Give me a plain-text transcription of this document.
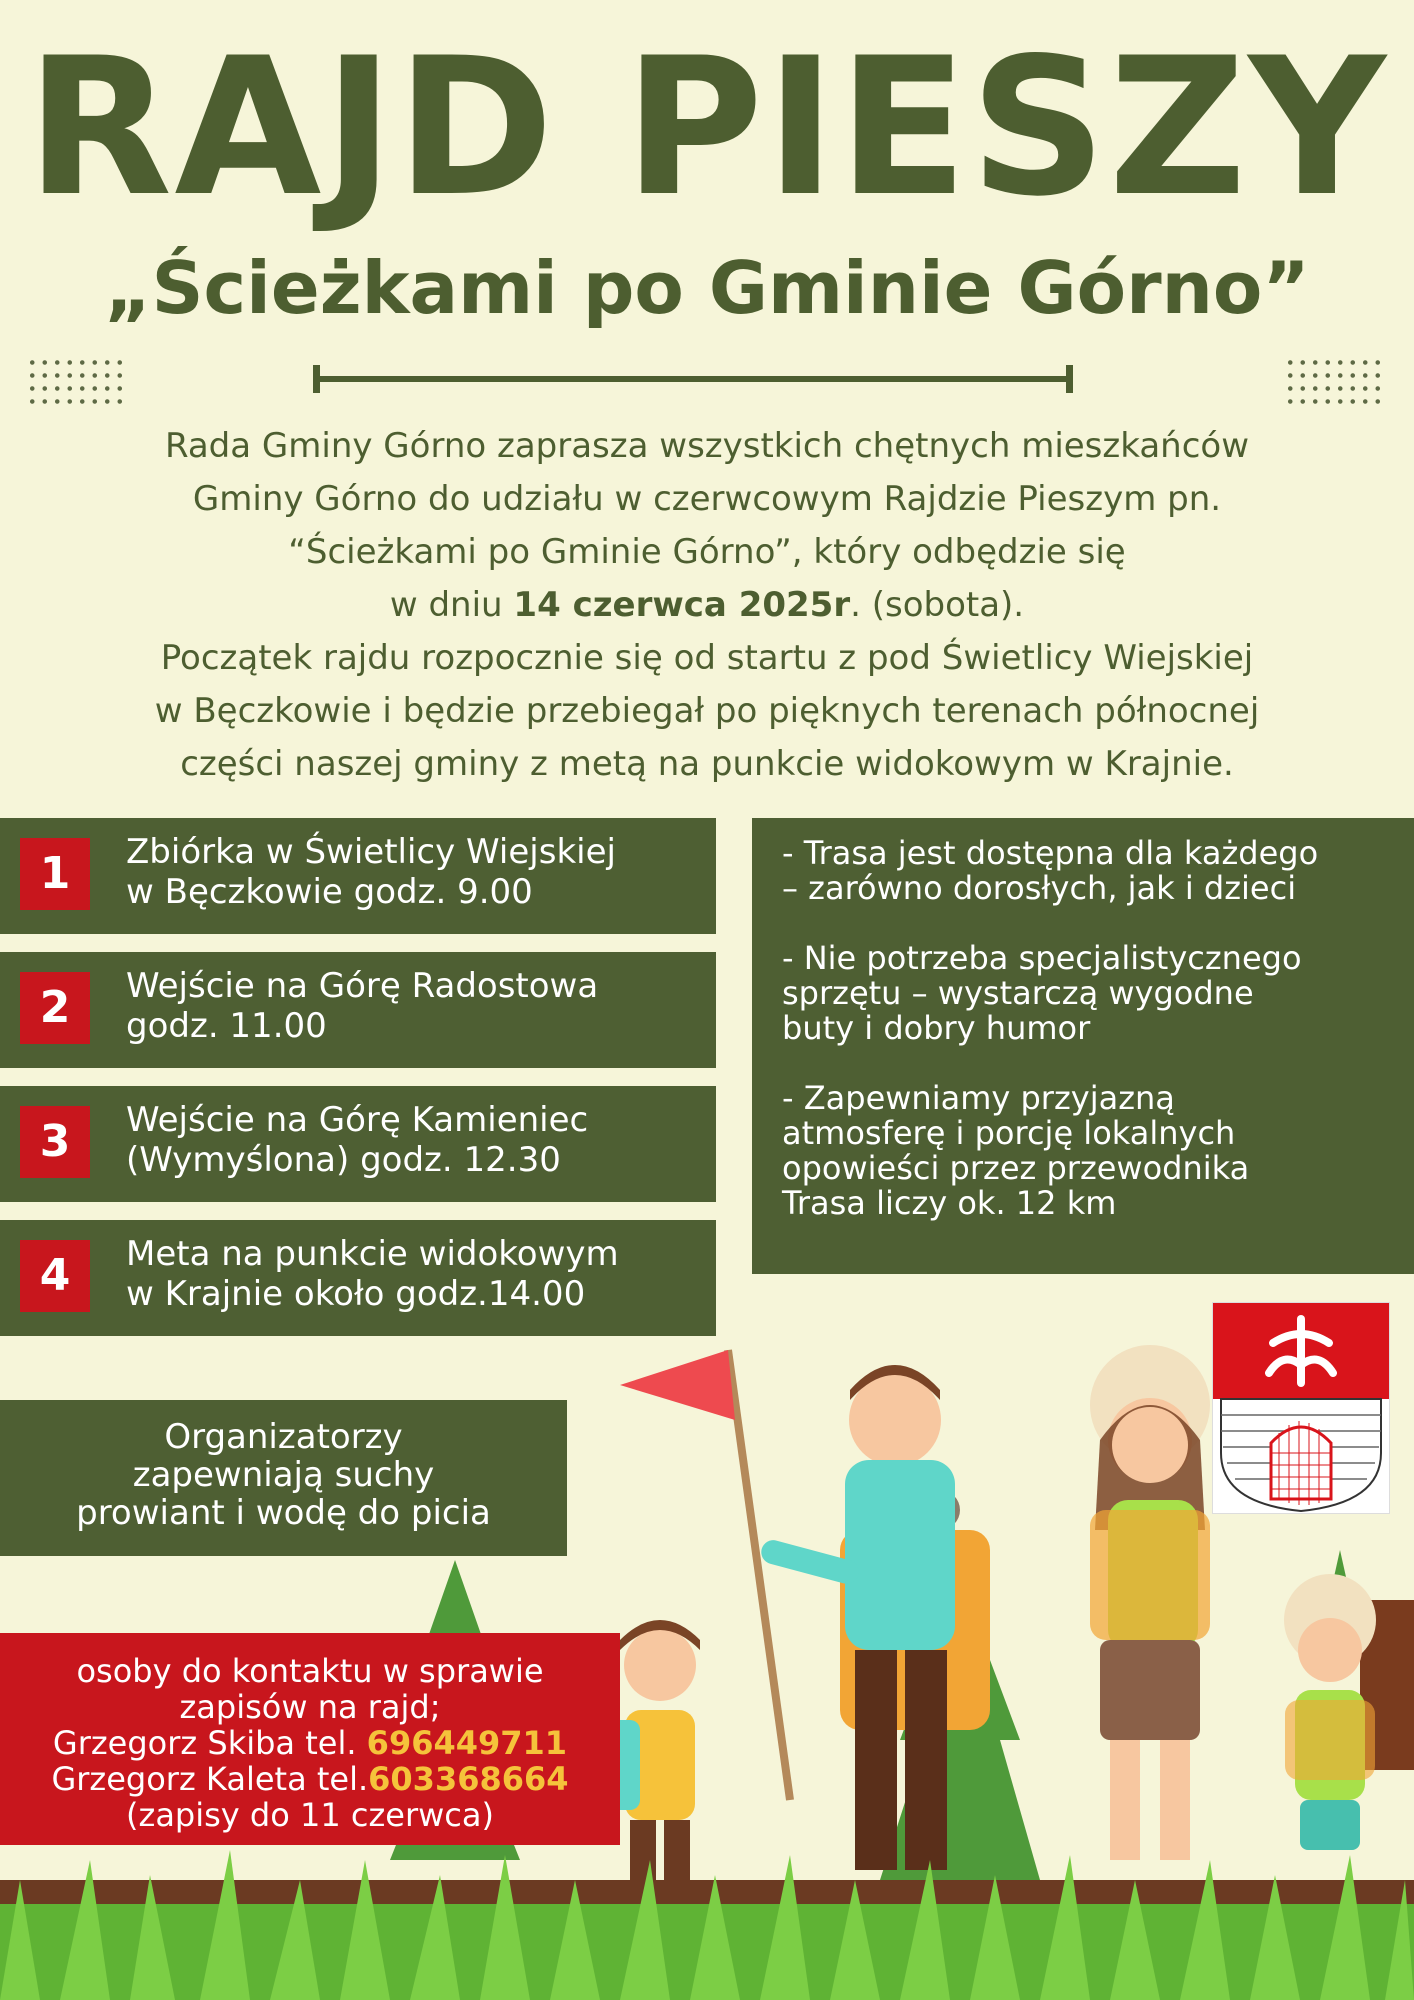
RAJD PIESZY
„Ścieżkami po Gminie Górno”

Rada Gminy Górno zaprasza wszystkich chętnych mieszkańców

Gminy Górno do udziału w czerwcowym Rajdzie Pieszym pn.

“Ścieżkami po Gminie Górno”, który odbędzie się

w dniu 14 czerwca 2025r. (sobota).

Początek rajdu rozpocznie się od startu z pod Świetlicy Wiejskiej

w Bęczkowie i będzie przebiegał po pięknych terenach północnej

części naszej gminy z metą na punkcie widokowym w Krajnie.

1	Zbiórka w Świetlicy Wiejskiej
w Bęczkowie godz. 9.00
2	Wejście na Górę Radostowa
godz. 11.00
3	Wejście na Górę Kamieniec
(Wymyślona) godz. 12.30
4	Meta na punkcie widokowym
w Krajnie około godz.14.00

- Trasa jest dostępna dla każdego
– zarówno dorosłych, jak i dzieci

- Nie potrzeba specjalistycznego
sprzętu – wystarczą wygodne
buty i dobry humor

- Zapewniamy przyjazną
atmosferę i porcję lokalnych
opowieści przez przewodnika
Trasa liczy ok. 12 km

Organizatorzy
zapewniają suchy
prowiant i wodę do picia
osoby do kontaktu w sprawie
zapisów na rajd;
Grzegorz Skiba tel. 696449711
Grzegorz Kaleta tel.603368664
(zapisy do 11 czerwca)
